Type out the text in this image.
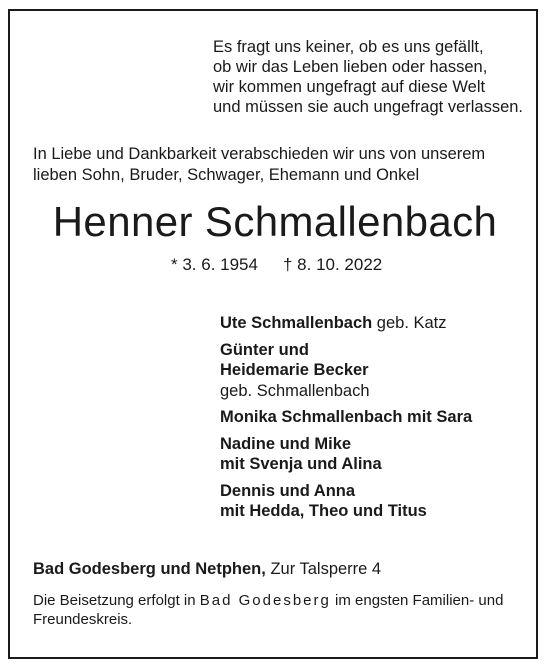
Es fragt uns keiner, ob es uns gefällt,
ob wir das Leben lieben oder hassen,
wir kommen ungefragt auf diese Welt
und müssen sie auch ungefragt verlassen.
In Liebe und Dankbarkeit verabschieden wir uns von unserem
lieben Sohn, Bruder, Schwager, Ehemann und Onkel
Henner Schmallenbach
* 3. 6. 1954 † 8. 10. 2022
Ute Schmallenbach geb. Katz
Günter und
Heidemarie Becker
geb. Schmallenbach
Monika Schmallenbach mit Sara
Nadine und Mike
mit Svenja und Alina
Dennis und Anna
mit Hedda, Theo und Titus
Bad Godesberg und Netphen, Zur Talsperre 4
Die Beisetzung erfolgt in Bad Godesberg im engsten Familien- und
Freundeskreis.
